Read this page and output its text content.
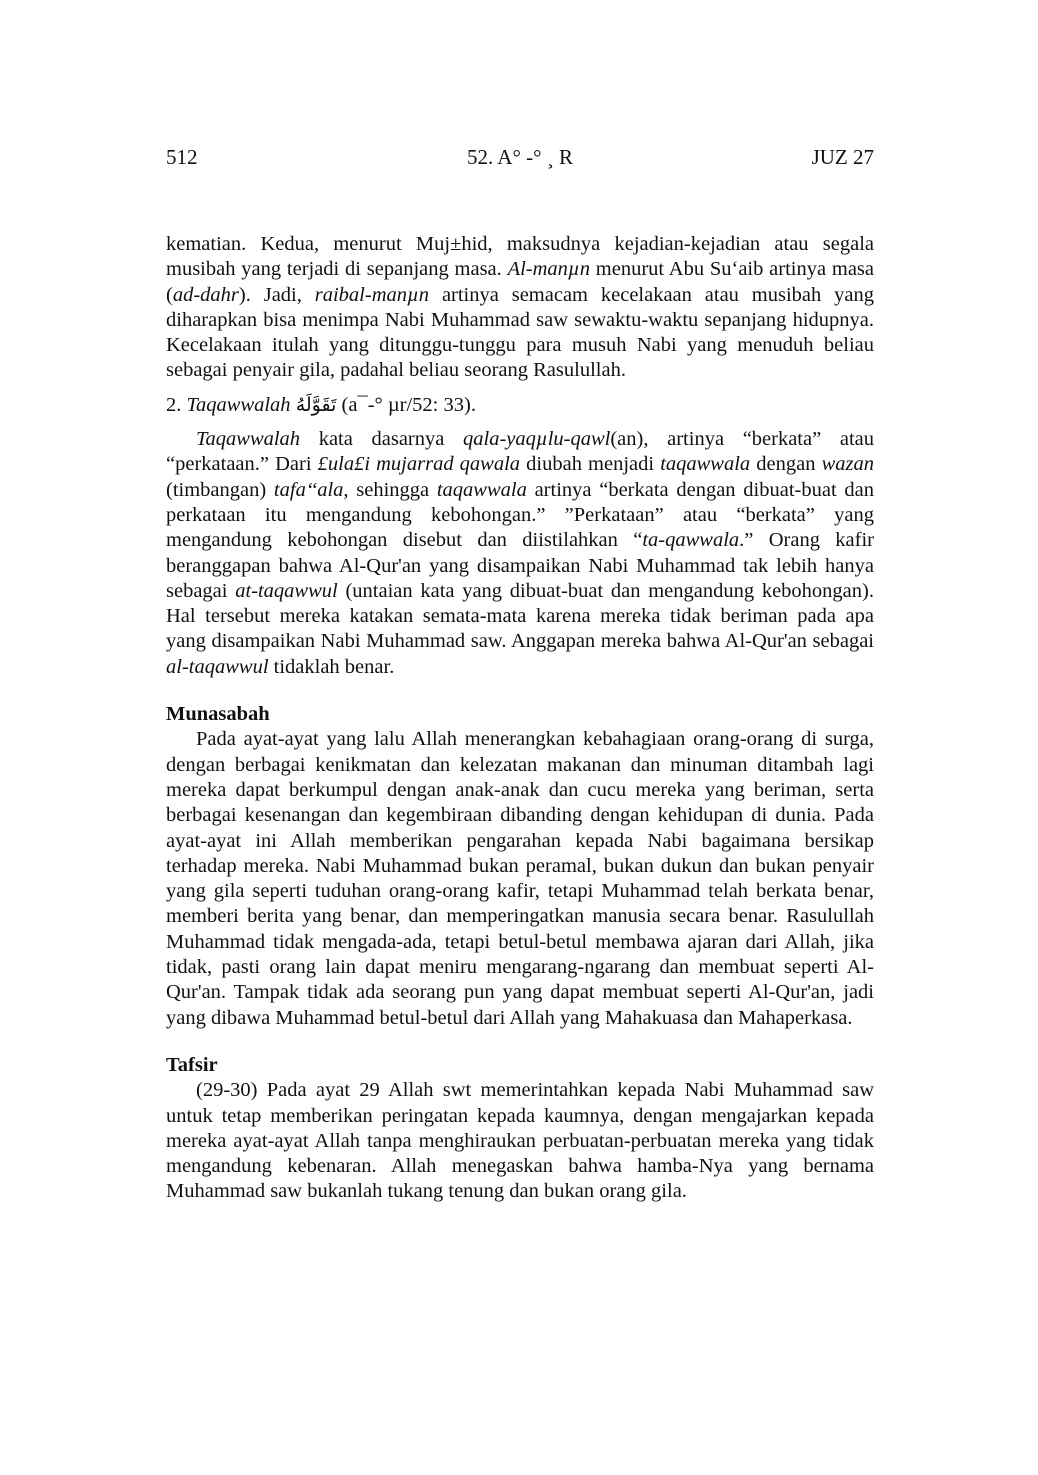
512	52. A° -° ¸ R	JUZ 27

kematian. Kedua, menurut Muj±hid, maksudnya kejadian-kejadian atau segala musibah yang terjadi di sepanjang masa. Al-manµn menurut Abu Su‘aib artinya masa (ad-dahr). Jadi, raibal-manµn artinya semacam kecelakaan atau musibah yang diharapkan bisa menimpa Nabi Muhammad saw sewaktu-waktu sepanjang hidupnya. Kecelakaan itulah yang ditunggu-tunggu para musuh Nabi yang menuduh beliau sebagai penyair gila, padahal beliau seorang Rasulullah.

2. Taqawwalah تَقَوَّلَهُ (a¯-° µr/52: 33).

Taqawwalah kata dasarnya qala-yaqµlu-qawl(an), artinya “berkata” atau “perkataan.” Dari £ula£i mujarrad qawala diubah menjadi taqawwala dengan wazan (timbangan) tafa‘‘ala, sehingga taqawwala artinya “berkata dengan dibuat-buat dan perkataan itu mengandung kebohongan.” ”Perkataan” atau “berkata” yang mengandung kebohongan disebut dan diistilahkan “ta-qawwala.” Orang kafir beranggapan bahwa Al-Qur'an yang disampaikan Nabi Muhammad tak lebih hanya sebagai at-taqawwul (untaian kata yang dibuat-buat dan mengandung kebohongan). Hal tersebut mereka katakan semata-mata karena mereka tidak beriman pada apa yang disampaikan Nabi Muhammad saw. Anggapan mereka bahwa Al-Qur'an sebagai al-taqawwul tidaklah benar.

Munasabah

Pada ayat-ayat yang lalu Allah menerangkan kebahagiaan orang-orang di surga, dengan berbagai kenikmatan dan kelezatan makanan dan minuman ditambah lagi mereka dapat berkumpul dengan anak-anak dan cucu mereka yang beriman, serta berbagai kesenangan dan kegembiraan dibanding dengan kehidupan di dunia. Pada ayat-ayat ini Allah memberikan pengarahan kepada Nabi bagaimana bersikap terhadap mereka. Nabi Muhammad bukan peramal, bukan dukun dan bukan penyair yang gila seperti tuduhan orang-orang kafir, tetapi Muhammad telah berkata benar, memberi berita yang benar, dan memperingatkan manusia secara benar. Rasulullah Muhammad tidak mengada-ada, tetapi betul-betul membawa ajaran dari Allah, jika tidak, pasti orang lain dapat meniru mengarang-ngarang dan membuat seperti Al-Qur'an. Tampak tidak ada seorang pun yang dapat membuat seperti Al-Qur'an, jadi yang dibawa Muhammad betul-betul dari Allah yang Mahakuasa dan Mahaperkasa.

Tafsir

(29-30) Pada ayat 29 Allah swt memerintahkan kepada Nabi Muhammad saw untuk tetap memberikan peringatan kepada kaumnya, dengan mengajarkan kepada mereka ayat-ayat Allah tanpa menghiraukan perbuatan-perbuatan mereka yang tidak mengandung kebenaran. Allah menegaskan bahwa hamba-Nya yang bernama Muhammad saw bukanlah tukang tenung dan bukan orang gila.
